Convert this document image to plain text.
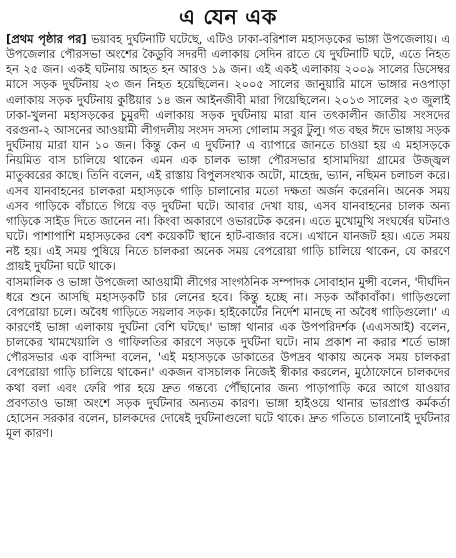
এ যেন এক

[প্রথম পৃষ্ঠার পর] ভয়াবহ দুর্ঘটনাটি ঘটেছে, এটিও ঢাকা-বরিশাল মহাসড়কের ভাঙ্গা উপজেলায়। এ উপজেলার পৌরসভা অংশের কৈডুবি সদরদী এলাকায় সেদিন রাতে যে দুর্ঘটনাটি ঘটে, এতে নিহত হন ২৫ জন। একই ঘটনায় আহত হন আরও ১৯ জন। এই একই এলাকায় ২০০৯ সালের ডিসেম্বর মাসে সড়ক দুর্ঘটনায় ২৩ জন নিহত হয়েছিলেন। ২০০৫ সালের জানুয়ারি মাসে ভাঙ্গার নওপাড়া এলাকায় সড়ক দুর্ঘটনায় কুষ্টিয়ার ১৪ জন আইনজীবী মারা গিয়েছিলেন। ২০১৩ সালের ২৩ জুলাই ঢাকা-খুলনা মহাসড়কের চুমুরদী এলাকায় সড়ক দুর্ঘটনায় মারা যান তৎকালীন জাতীয় সংসদের বরগুনা-২ আসনের আওয়ামী লীগদলীয় সংসদ সদস্য গোলাম সবুর টুলু। গত বছর ঈদে ভাঙ্গায় সড়ক দুর্ঘটনায় মারা যান ১০ জন। কিন্তু কেন এ দুর্ঘটনা? এ ব্যাপারে জানতে চাওয়া হয় এ মহাসড়কে নিয়মিত বাস চালিয়ে থাকেন এমন এক চালক ভাঙ্গা পৌরসভার হাসামদিয়া গ্রামের উজ্জ্বল মাতুব্বরের কাছে। তিনি বলেন, এই রাস্তায় বিপুলসংখ্যক অটো, মাহেন্দ্র, ভ্যান, নছিমন চলাচল করে। এসব যানবাহনের চালকরা মহাসড়কে গাড়ি চালানোর মতো দক্ষতা অর্জন করেননি। অনেক সময় এসব গাড়িকে বাঁচাতে গিয়ে বড় দুর্ঘটনা ঘটে। আবার দেখা যায়, এসব যানবাহনের চালক অন্য গাড়িকে সাইড দিতে জানেন না। কিংবা অকারণে ওভারটেক করেন। এতে মুখোমুখি সংঘর্ষের ঘটনাও ঘটে। পাশাপাশি মহাসড়কের বেশ কয়েকটি স্থানে হাট-বাজার বসে। এখানে যানজট হয়। এতে সময় নষ্ট হয়। এই সময় পুষিয়ে নিতে চালকরা অনেক সময় বেপরোয়া গাড়ি চালিয়ে থাকেন, যে কারণে প্রায়ই দুর্ঘটনা ঘটে থাকে।

বাসমালিক ও ভাঙ্গা উপজেলা আওয়ামী লীগের সাংগঠনিক সম্পাদক সোবাহান মুন্সী বলেন, 'দীর্ঘদিন ধরে শুনে আসছি মহাসড়কটি চার লেনের হবে। কিন্তু হচ্ছে না। সড়ক আঁকাবাঁকা। গাড়িগুলো বেপরোয়া চলে। অবৈধ গাড়িতে সয়লাব সড়ক। হাইকোর্টের নির্দেশ মানছে না অবৈধ গাড়িগুলো।' এ কারণেই ভাঙ্গা এলাকায় দুর্ঘটনা বেশি ঘটছে।' ভাঙ্গা থানার এক উপপরিদর্শক (এএসআই) বলেন, চালকের খামখেয়ালি ও গাফিলতির কারণে সড়কে দুর্ঘটনা ঘটে। নাম প্রকাশ না করার শর্তে ভাঙ্গা পৌরসভার এক বাসিন্দা বলেন, 'এই মহাসড়কে ডাকাতের উপদ্রব থাকায় অনেক সময় চালকরা বেপরোয়া গাড়ি চালিয়ে থাকেন।' একজন বাসচালক নিজেই স্বীকার করলেন, মুঠোফোনে চালকদের কথা বলা এবং ফেরি পার হয়ে দ্রুত গন্তব্যে পৌঁছানোর জন্য পাড়াপাড়ি করে আগে যাওয়ার প্রবণতাও ভাঙ্গা অংশে সড়ক দুর্ঘটনার অন্যতম কারণ। ভাঙ্গা হাইওয়ে থানার ভারপ্রাপ্ত কর্মকর্তা হোসেন সরকার বলেন, চালকদের দোষেই দুর্ঘটনাগুলো ঘটে থাকে। দ্রুত গতিতে চালানোই দুর্ঘটনার মূল কারণ।
